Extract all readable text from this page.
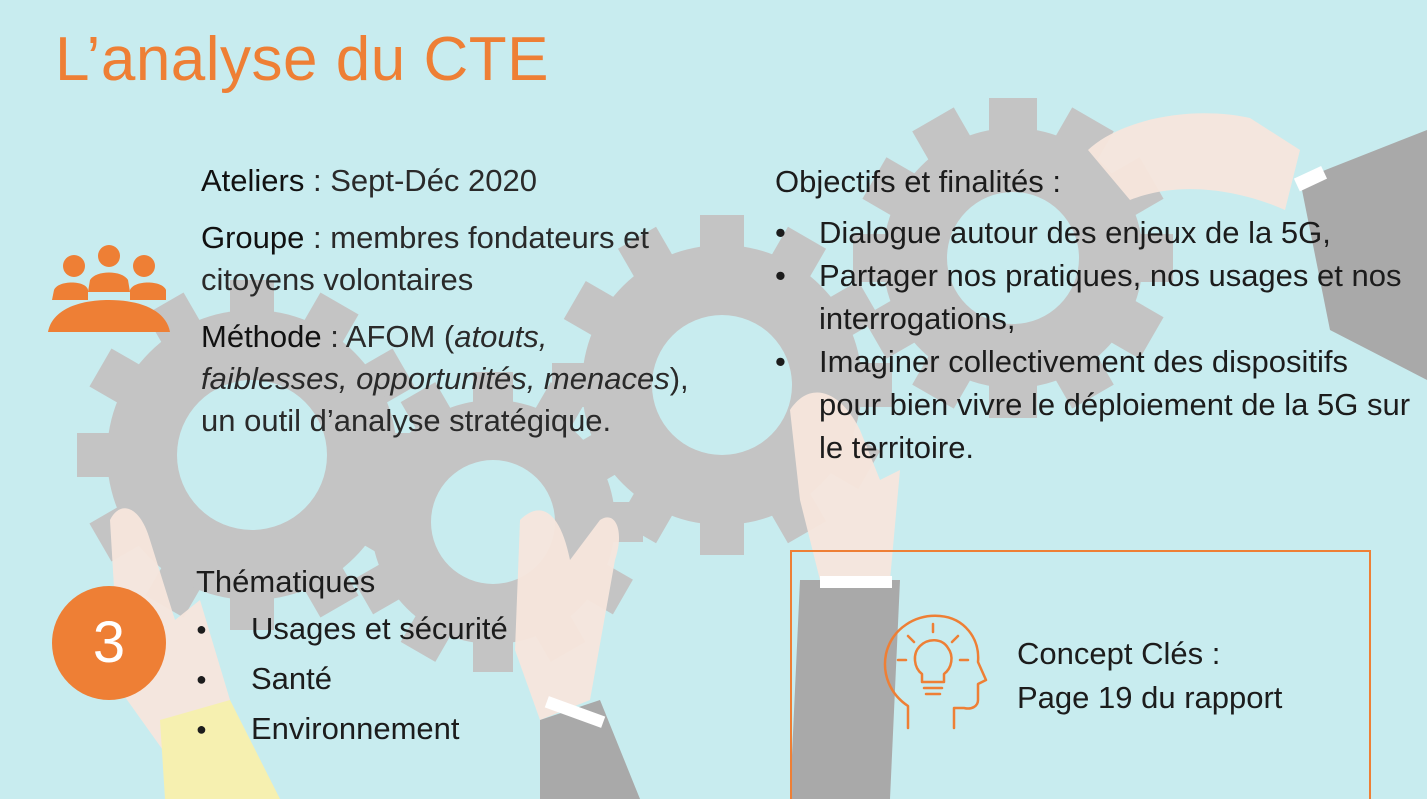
L’analyse du CTE

Ateliers : Sept-Déc 2020

Groupe : membres fondateurs et citoyens volontaires

Méthode : AFOM (atouts, faiblesses, opportunités, menaces), un outil d’analyse stratégique.

Objectifs et finalités :
• Dialogue autour des enjeux de la 5G,
• Partager nos pratiques, nos usages et nos interrogations,
• Imaginer collectivement des dispositifs pour bien vivre le déploiement de la 5G sur le territoire.
3
Thématiques
● Usages et sécurité
● Santé
● Environnement
Concept Clés :
Page 19 du rapport
